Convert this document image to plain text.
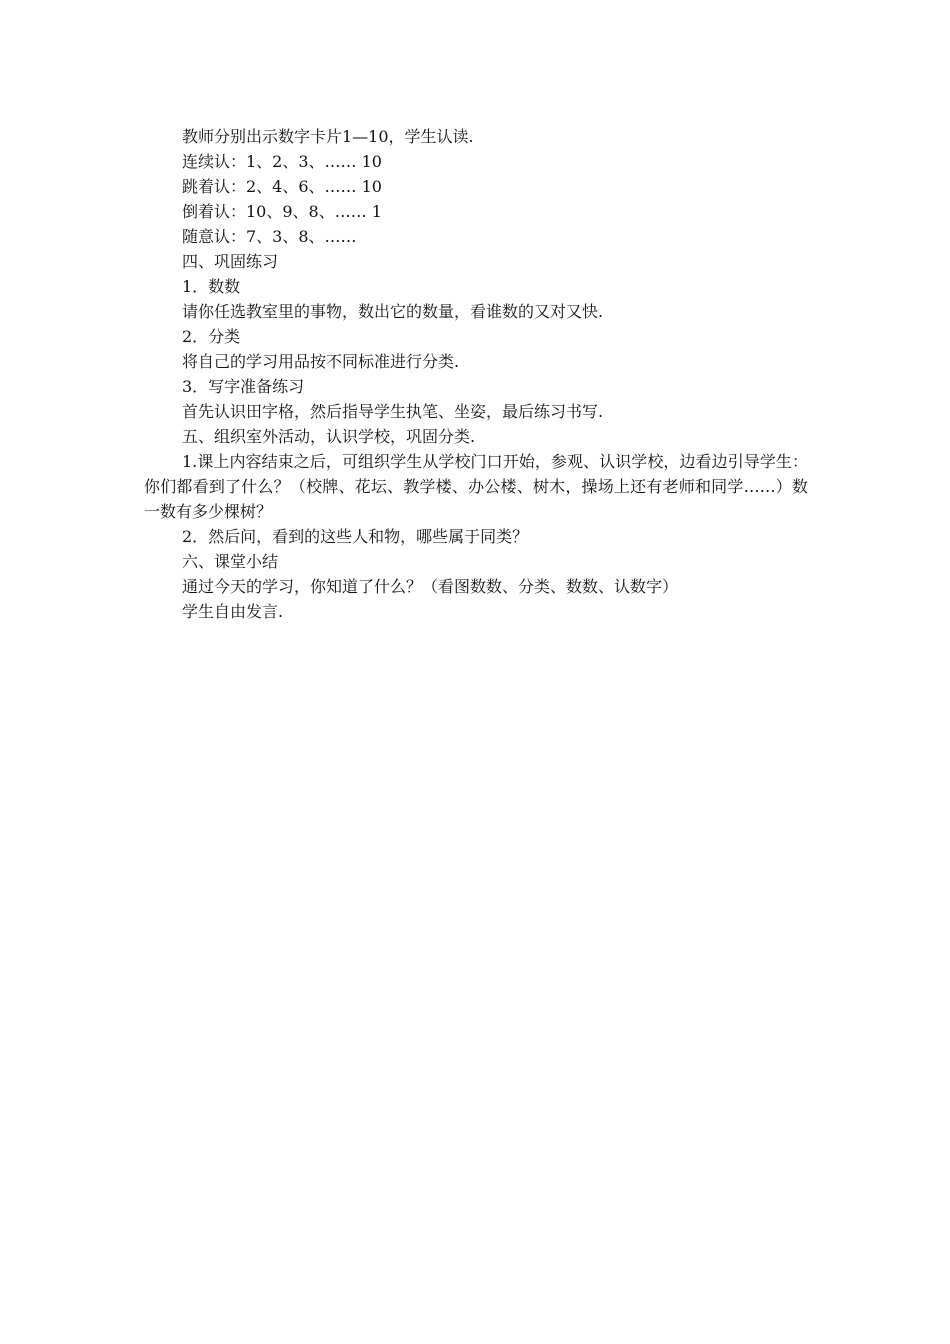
教师分别出示数字卡片1—10，学生认读.
连续认：1、2、3、…… 10
跳着认：2、4、6、…… 10
倒着认：10、9、8、…… 1
随意认：7、3、8、……
四、巩固练习
1．数数
请你任选教室里的事物，数出它的数量，看谁数的又对又快.
2．分类
将自己的学习用品按不同标准进行分类.
3．写字准备练习
首先认识田字格，然后指导学生执笔、坐姿，最后练习书写.
五、组织室外活动，认识学校，巩固分类.
1.课上内容结束之后，可组织学生从学校门口开始，参观、认识学校，边看边引导学生：你们都看到了什么？（校牌、花坛、教学楼、办公楼、树木，操场上还有老师和同学……）数一数有多少棵树？
2．然后问，看到的这些人和物，哪些属于同类？
六、课堂小结
通过今天的学习，你知道了什么？（看图数数、分类、数数、认数字）
学生自由发言.
